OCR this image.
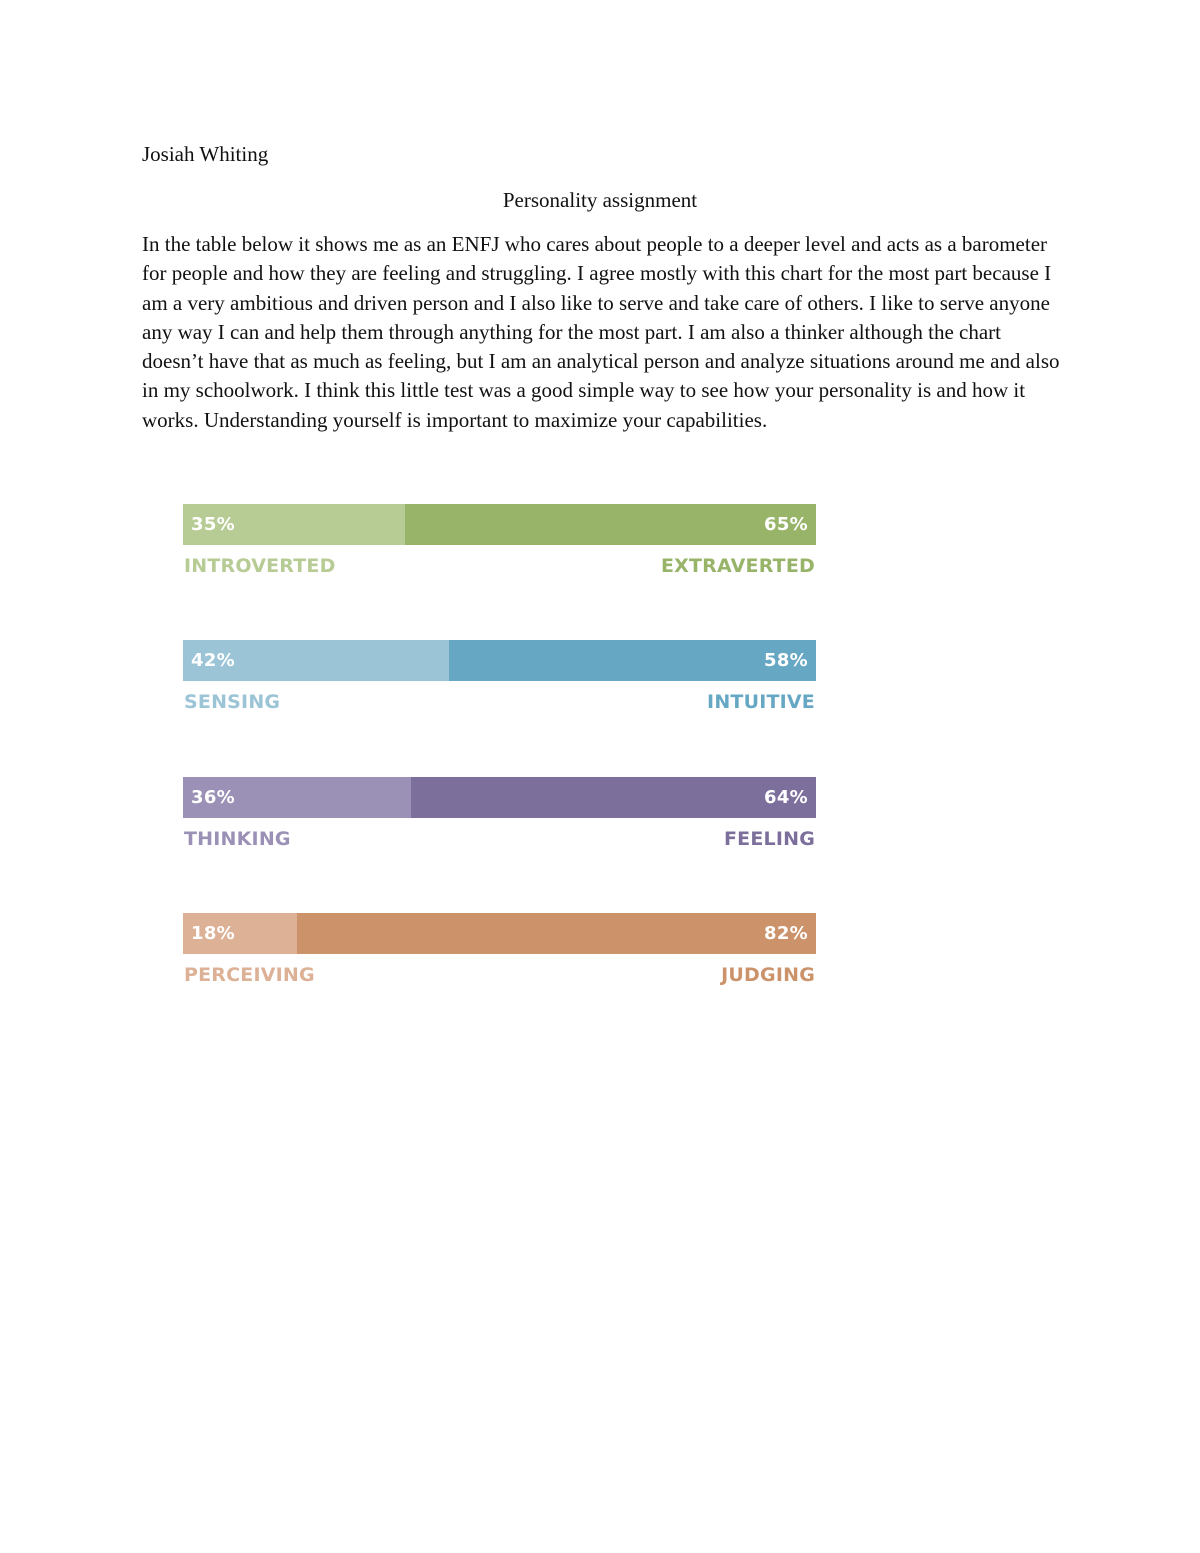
Josiah Whiting
Personality assignment

In the table below it shows me as an ENFJ who cares about people to a deeper level and acts as a barometer for people and how they are feeling and struggling. I agree mostly with this chart for the most part because I am a very ambitious and driven person and I also like to serve and take care of others. I like to serve anyone any way I can and help them through anything for the most part. I am also a thinker although the chart doesn’t have that as much as feeling, but I am an analytical person and analyze situations around me and also in my schoolwork. I think this little test was a good simple way to see how your personality is and how it works. Understanding yourself is important to maximize your capabilities.

35%	65%
INTROVERTED	EXTRAVERTED
42%	58%
SENSING	INTUITIVE
36%	64%
THINKING	FEELING
18%	82%
PERCEIVING	JUDGING
